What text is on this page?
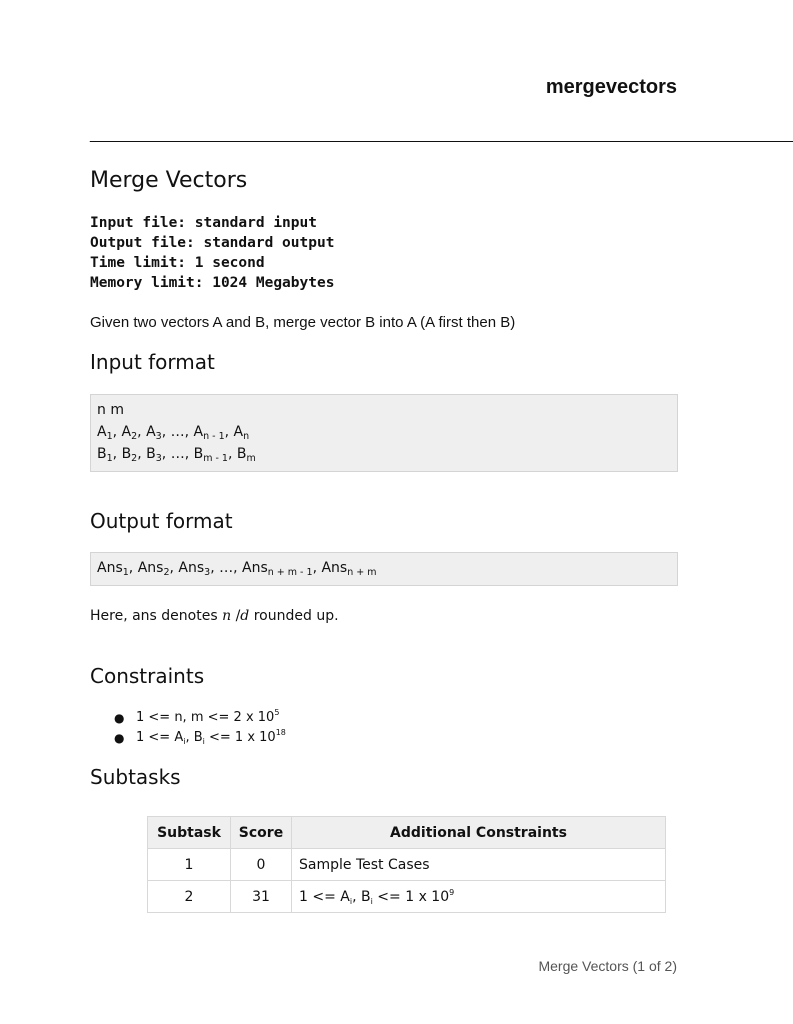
mergevectors
_______________________________________________________________________________
Merge Vectors
Input file: standard input
Output file: standard output
Time limit: 1 second
Memory limit: 1024 Megabytes
Given two vectors A and B, merge vector B into A (A first then B)
Input format
n m
$A_1$, $A_2$, $A_3$, …, $A_{n - 1}$, $A_n$
$B_1$, $B_2$, $B_3$, …, $B_{m - 1}$, $B_m$
Output format
Ans$_1$, Ans$_2$, Ans$_3$, …, Ans$_{n + m - 1}$, Ans$_{n + m}$
Here, ans denotes n /d rounded up.
Constraints
● 1 <= n, m <= 2 x $10^5$
● $1 <= A_i$, $B_i <= 1$ x $10^{18}$
Subtasks
Subtask	Score	Additional Constraints
1	0	Sample Test Cases
2	31	$1 <= A_i$, $B_i <= 1$ x $10^9$
Merge Vectors (1 of 2)
